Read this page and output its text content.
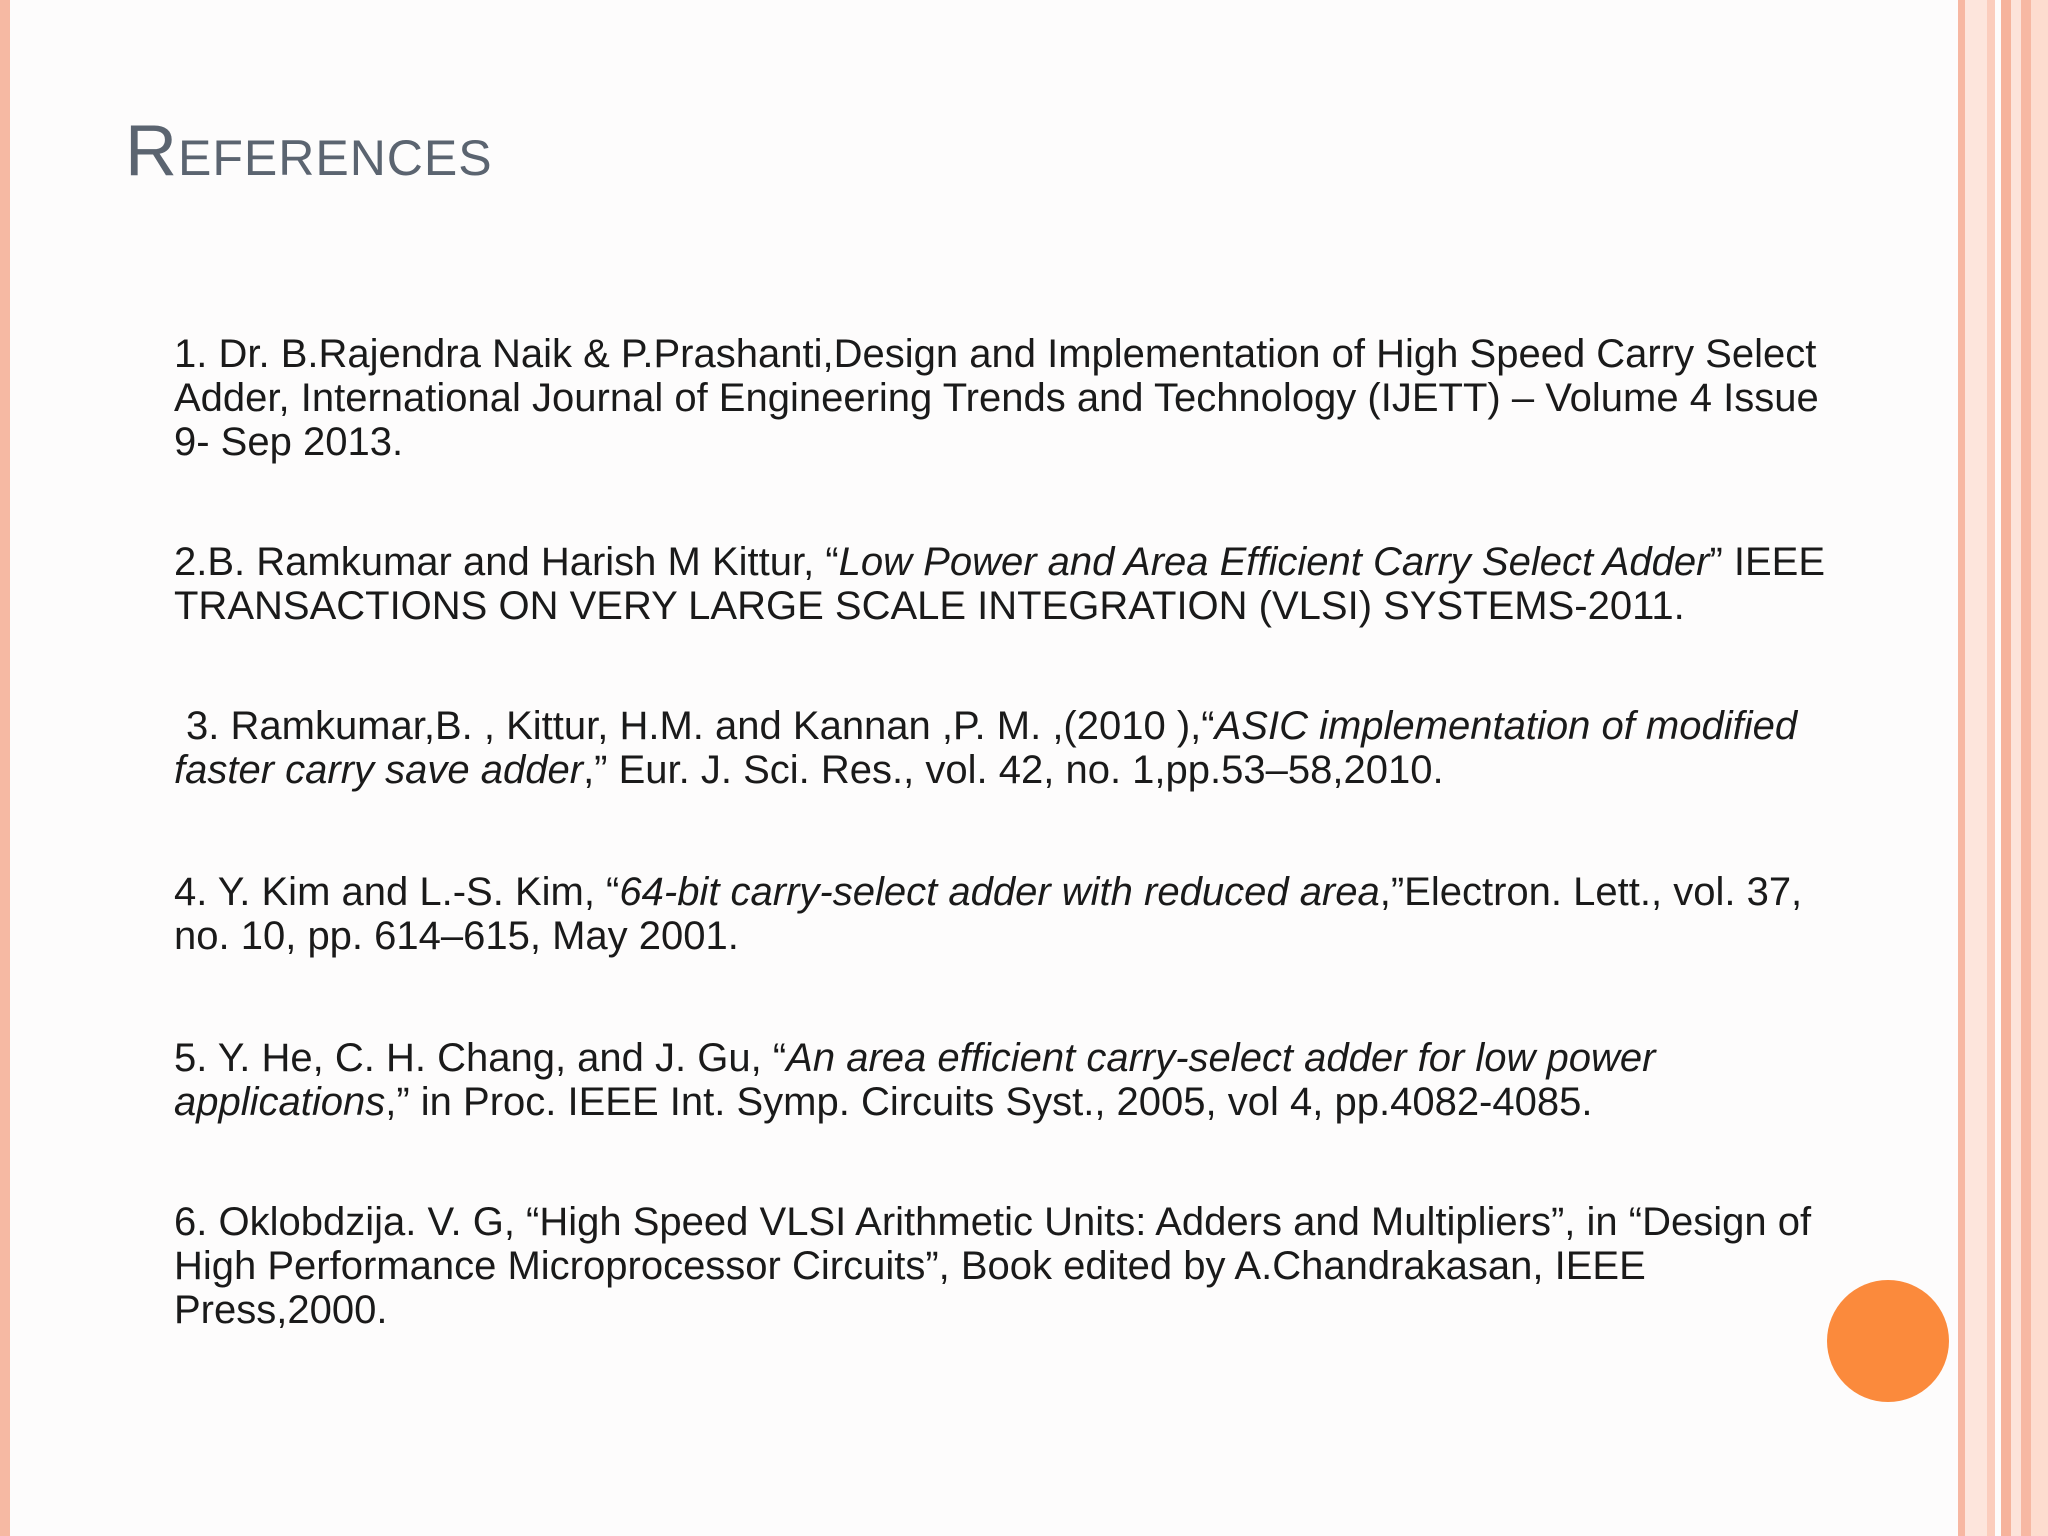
References
1. Dr. B.Rajendra Naik & P.Prashanti,Design and Implementation of High Speed Carry Select Adder, International Journal of Engineering Trends and Technology (IJETT) – Volume 4 Issue 9- Sep 2013.
2.B. Ramkumar and Harish M Kittur, “Low Power and Area Efficient Carry Select Adder” IEEE TRANSACTIONS ON VERY LARGE SCALE INTEGRATION (VLSI) SYSTEMS-2011.
3. Ramkumar,B. , Kittur, H.M. and Kannan ,P. M. ,(2010 ),“ASIC implementation of modified faster carry save adder,” Eur. J. Sci. Res., vol. 42, no. 1,pp.53–58,2010.
4. Y. Kim and L.-S. Kim, “64-bit carry-select adder with reduced area,”Electron. Lett., vol. 37, no. 10, pp. 614–615, May 2001.
5. Y. He, C. H. Chang, and J. Gu, “An area efficient carry-select adder for low power applications,” in Proc. IEEE Int. Symp. Circuits Syst., 2005, vol 4, pp.4082-4085.
6. Oklobdzija. V. G, “High Speed VLSI Arithmetic Units: Adders and Multipliers”, in “Design of High Performance Microprocessor Circuits”, Book edited by A.Chandrakasan, IEEE Press,2000.
